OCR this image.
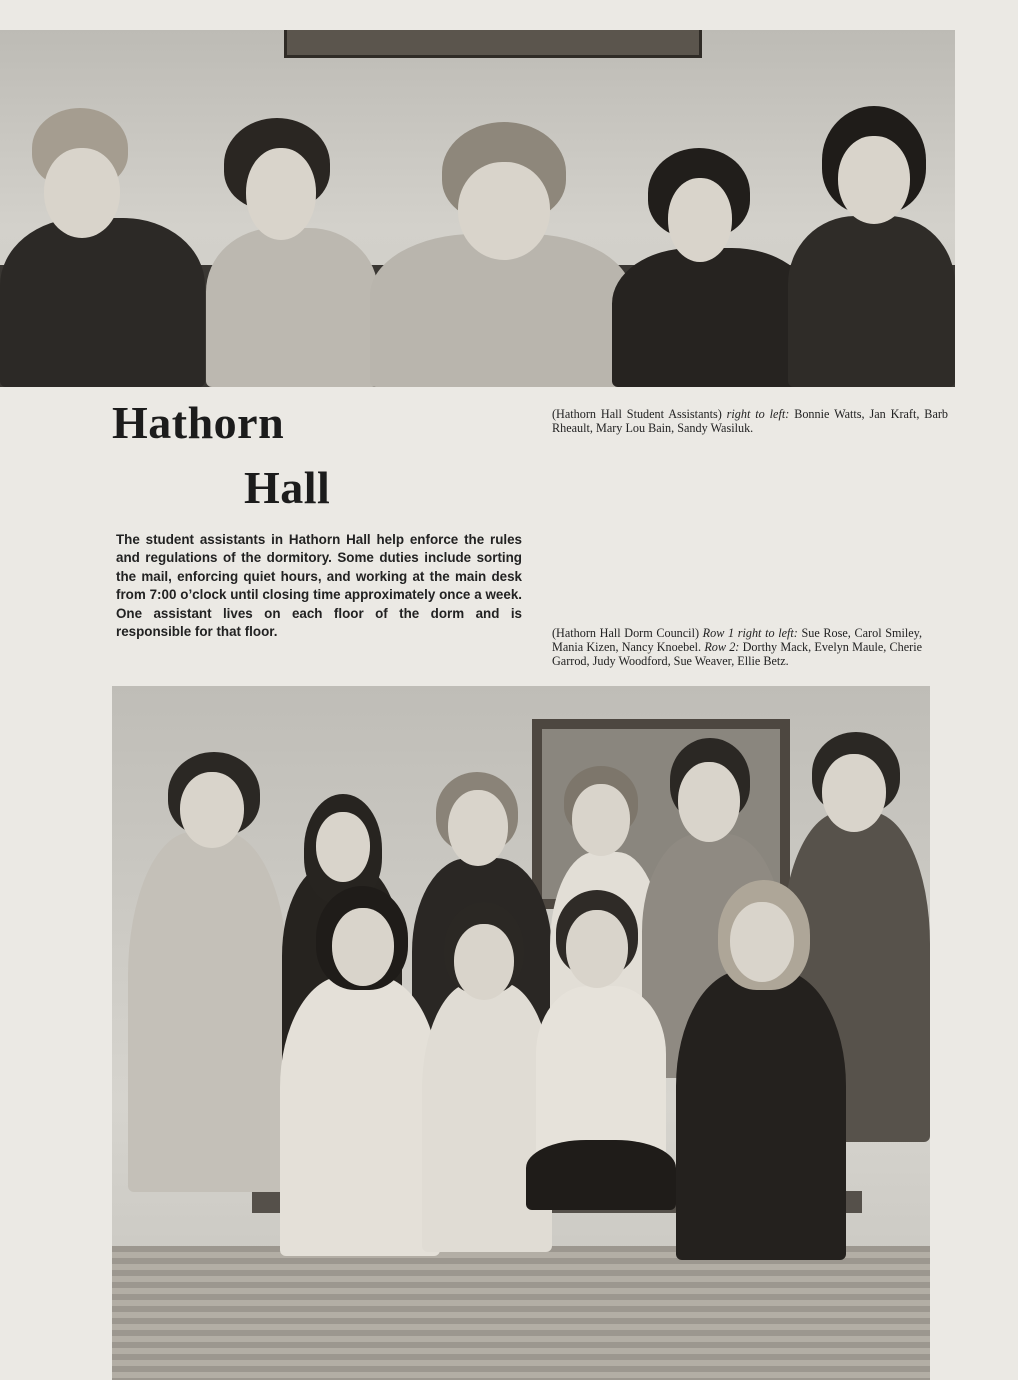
Hathorn
Hall

The student assistants in Hathorn Hall help enforce the rules and regulations of the dormitory. Some duties include sorting the mail, enforcing quiet hours, and working at the main desk from 7:00 o’clock until closing time approximately once a week. One assistant lives on each floor of the dorm and is responsible for that floor.

(Hathorn Hall Student Assistants) right to left: Bonnie Watts, Jan Kraft, Barb Rheault, Mary Lou Bain, Sandy Wasiluk.

(Hathorn Hall Dorm Council) Row 1 right to left: Sue Rose, Carol Smiley, Mania Kizen, Nancy Knoebel. Row 2: Dorthy Mack, Evelyn Maule, Cherie Garrod, Judy Woodford, Sue Weaver, Ellie Betz.
